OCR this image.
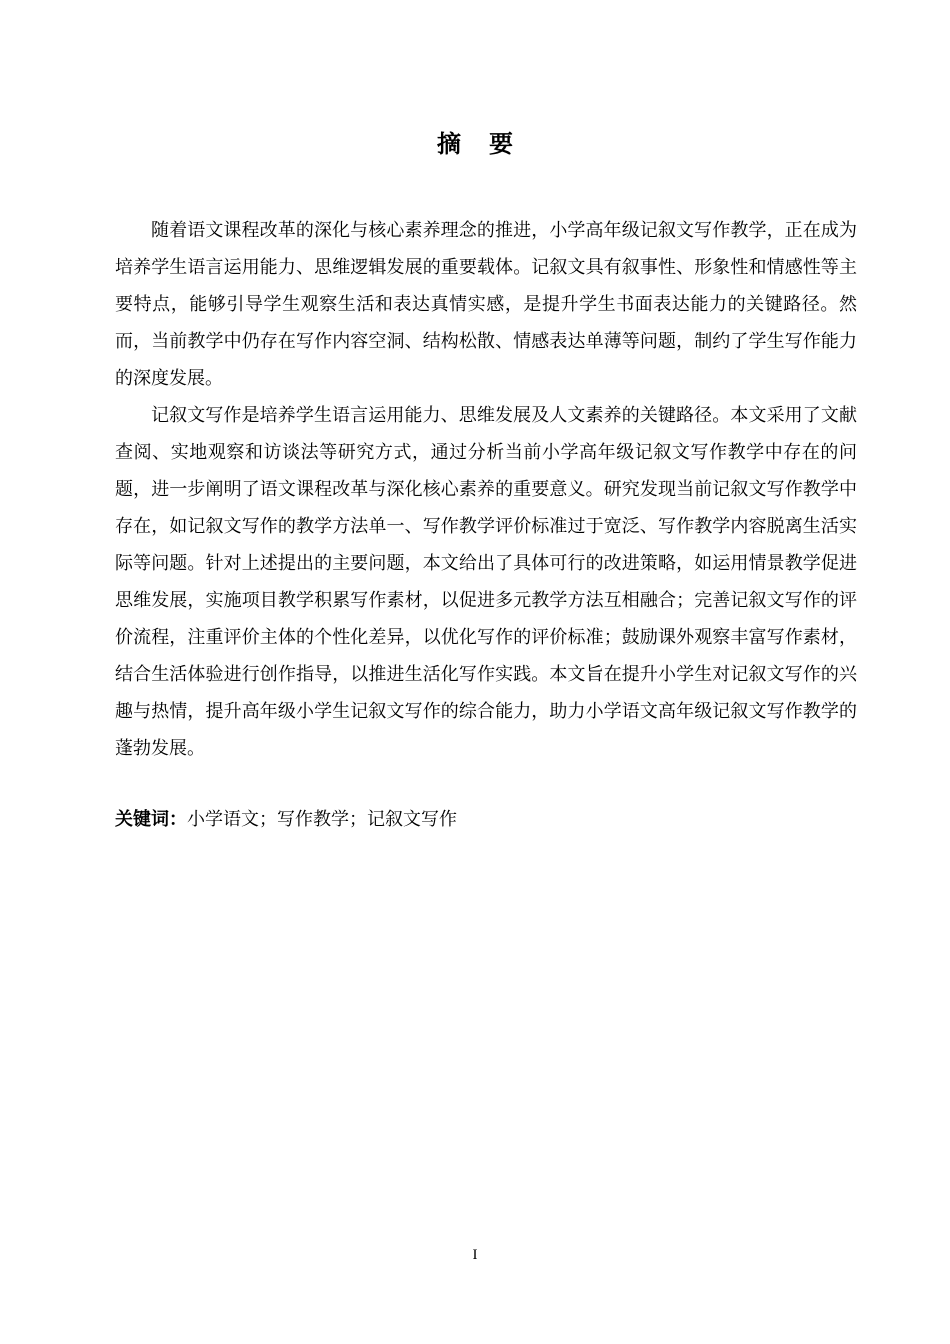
摘要

随着语文课程改革的深化与核心素养理念的推进，小学高年级记叙文写作教学，正在成为培养学生语言运用能力、思维逻辑发展的重要载体。记叙文具有叙事性、形象性和情感性等主要特点，能够引导学生观察生活和表达真情实感，是提升学生书面表达能力的关键路径。然而，当前教学中仍存在写作内容空洞、结构松散、情感表达单薄等问题，制约了学生写作能力的深度发展。

记叙文写作是培养学生语言运用能力、思维发展及人文素养的关键路径。本文采用了文献查阅、实地观察和访谈法等研究方式，通过分析当前小学高年级记叙文写作教学中存在的问题，进一步阐明了语文课程改革与深化核心素养的重要意义。研究发现当前记叙文写作教学中存在，如记叙文写作的教学方法单一、写作教学评价标准过于宽泛、写作教学内容脱离生活实际等问题。针对上述提出的主要问题，本文给出了具体可行的改进策略，如运用情景教学促进思维发展，实施项目教学积累写作素材，以促进多元教学方法互相融合；完善记叙文写作的评价流程，注重评价主体的个性化差异，以优化写作的评价标准；鼓励课外观察丰富写作素材，结合生活体验进行创作指导，以推进生活化写作实践。本文旨在提升小学生对记叙文写作的兴趣与热情，提升高年级小学生记叙文写作的综合能力，助力小学语文高年级记叙文写作教学的蓬勃发展。

关键词：小学语文；写作教学；记叙文写作
I
